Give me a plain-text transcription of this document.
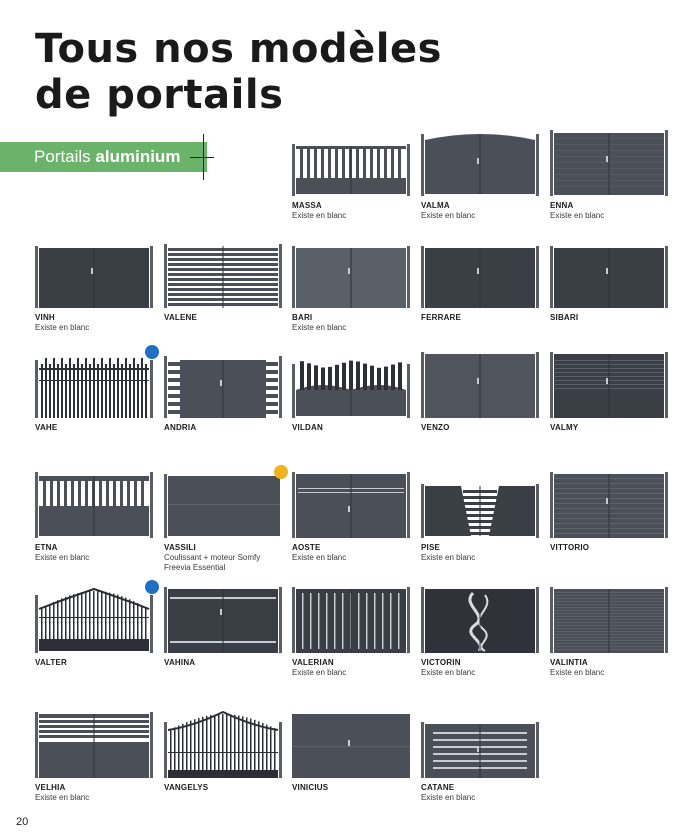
Tous nos modèles
de portails
Portails aluminium
MASSA
Existe en blanc
VALMA
Existe en blanc
ENNA
Existe en blanc
VINH
Existe en blanc
VALENE	BARI
Existe en blanc
FERRARE	SIBARI
VAHE	ANDRIA	VILDAN	VENZO	VALMY
ETNA
Existe en blanc
VASSILI
Coulissant + moteur Somfy Freevia Essential
AOSTE
Existe en blanc
PISE
Existe en blanc
VITTORIO
VALTER	VAHINA	VALERIAN
Existe en blanc
VICTORIN
Existe en blanc
VALINTIA
Existe en blanc
VELHIA
Existe en blanc
VANGELYS	VINICIUS	CATANE
Existe en blanc
20
